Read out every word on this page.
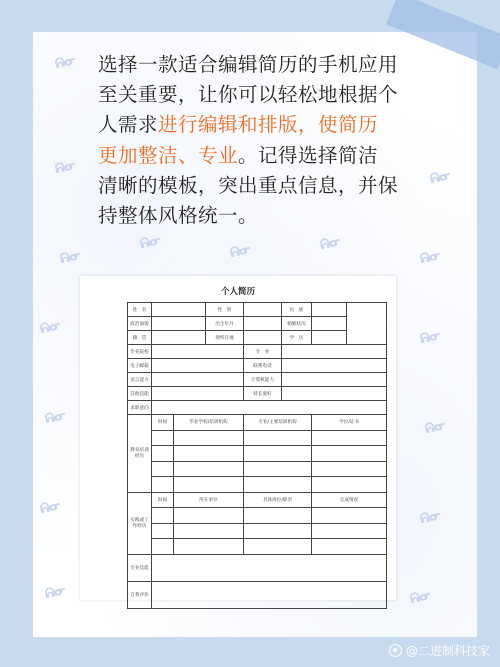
ᕱᓂ
ᕱᓂ	ᕱᓂ	ᕱᓂ
ᕱᓂ
ᕱᓂ
ᕱᓂ
ᕱᓂ
ᕱᓂ
ᕱᓂ
ᕱᓂ
ᕱᓂ	ᕱᓂ
ᕱᓂ
ᕱᓂ
ᕱᓂ
选择一款适合编辑简历的手机应用至关重要，让你可以轻松地根据个人需求进行编辑和排版，使简历更加整洁、专业。记得选择简洁清晰的模板，突出重点信息，并保持整体风格统一。
个人简历
姓　名			性　别		民　族		
政治面貌			出生年月		婚姻状况		
籍　贯			现所在地		学　历		
毕业院校				专　业			
电子邮箱				联系电话			
语言能力				计算机能力			
其他技能				特长爱好			
求职意向							
教育培训经历	时间	毕业学校/培训机构		专业/主要培训机构		学位/证书	

实践或工作经历	时间	所在单位		具体岗位/职责		完成情况	

专业技能							
自我评价							
@二进制科技家
